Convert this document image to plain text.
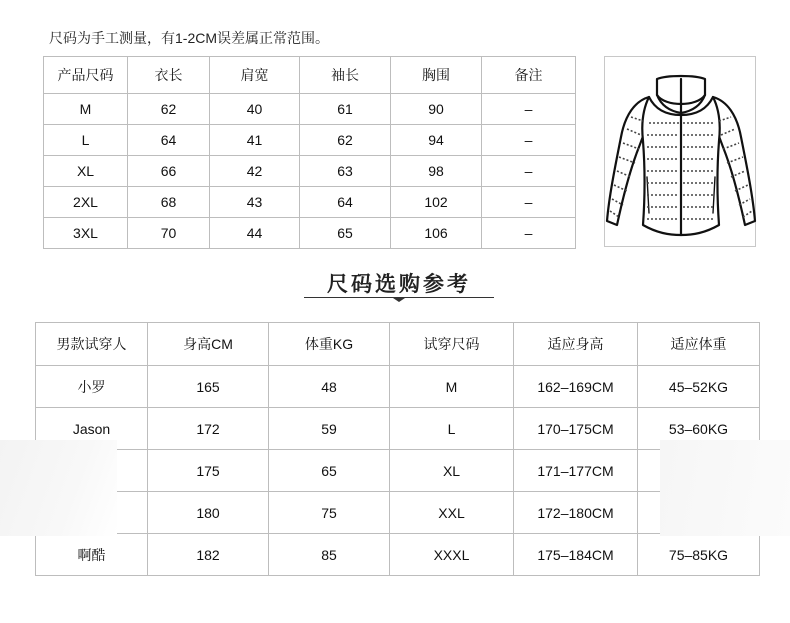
尺码为手工测量，有1-2CM误差属正常范围。
产品尺码	衣长	肩宽	袖长	胸围	备注
M	62	40	61	90	–
L	64	41	62	94	–
XL	66	42	63	98	–
2XL	68	43	64	102	–
3XL	70	44	65	106	–
尺码选购参考
男款试穿人	身高CM	体重KG	试穿尺码	适应身高	适应体重
小罗	165	48	M	162–169CM	45–52KG
Jason	172	59	L	170–175CM	53–60KG
	175	65	XL	171–177CM	
	180	75	XXL	172–180CM	
啊酷	182	85	XXXL	175–184CM	75–85KG
